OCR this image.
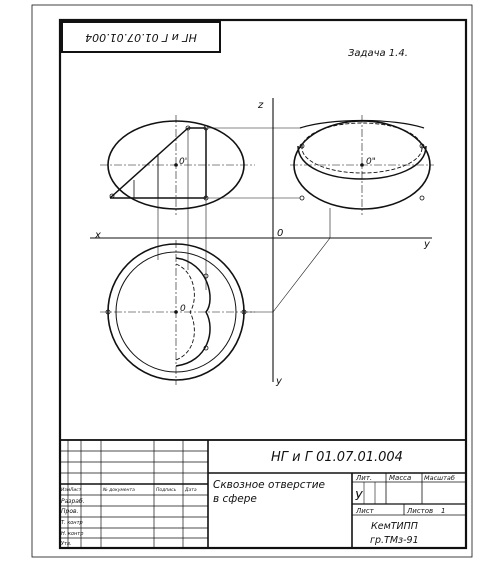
НГ и Г 01.07.01.004
Задача 1.4.
z
x
y
y
0
0'	0"
0
Изм Лист	№ документа	Подпись Дата
Разраб.
Пров.
Т. контр
Н. контр
Утв.
НГ и Г 01.07.01.004
Сквозное отверстие
в сфере
Лит. Масса Масштаб
У
Лист	Листов 1
КемТИПП
гр.ТМз-91
